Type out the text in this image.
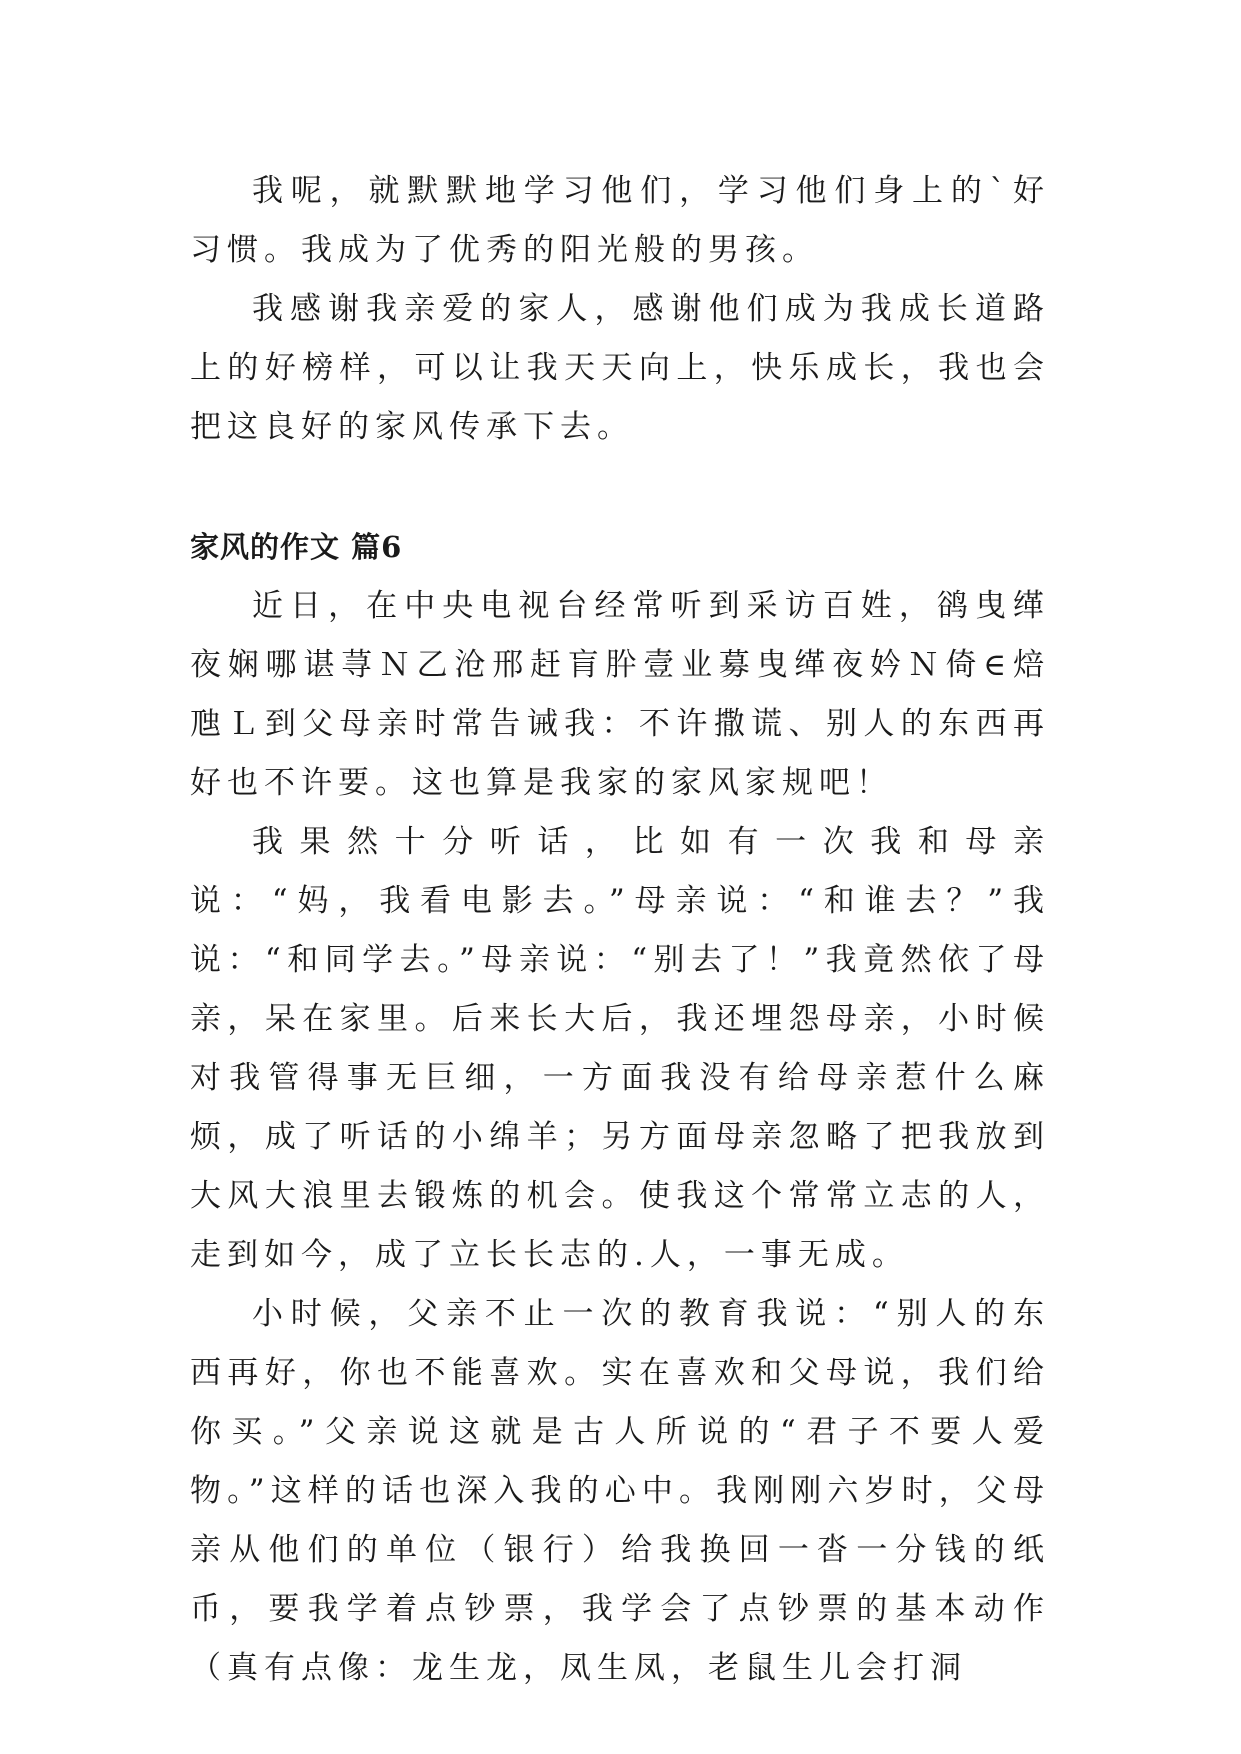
我呢，就默默地学习他们，学习他们身上的`好习惯。我成为了优秀的阳光般的男孩。

我感谢我亲爱的家人，感谢他们成为我成长道路上的好榜样，可以让我天天向上，快乐成长，我也会把这良好的家风传承下去。

家风的作文 篇6

近日，在中央电视台经常听到采访百姓，鹆曳缂夜娴哪谌荨Ｎ乙沧邢赶肓肸壹业募曳缂夜妗Ｎ倚∈焙虺Ｌ到父母亲时常告诫我：不许撒谎、别人的东西再好也不许要。这也算是我家的家风家规吧！

我果然十分听话，比如有一次我和母亲说：“妈，我看电影去。”母亲说：“和谁去？”我说：“和同学去。”母亲说：“别去了！”我竟然依了母亲，呆在家里。后来长大后，我还埋怨母亲，小时候对我管得事无巨细，一方面我没有给母亲惹什么麻烦，成了听话的小绵羊；另方面母亲忽略了把我放到大风大浪里去锻炼的机会。使我这个常常立志的人，走到如今，成了立长长志的.人，一事无成。

小时候，父亲不止一次的教育我说：“别人的东西再好，你也不能喜欢。实在喜欢和父母说，我们给你买。”父亲说这就是古人所说的“君子不要人爱物。”这样的话也深入我的心中。我刚刚六岁时，父母亲从他们的单位（银行）给我换回一沓一分钱的纸币，要我学着点钞票，我学会了点钞票的基本动作（真有点像：龙生龙，凤生凤，老鼠生儿会打洞
